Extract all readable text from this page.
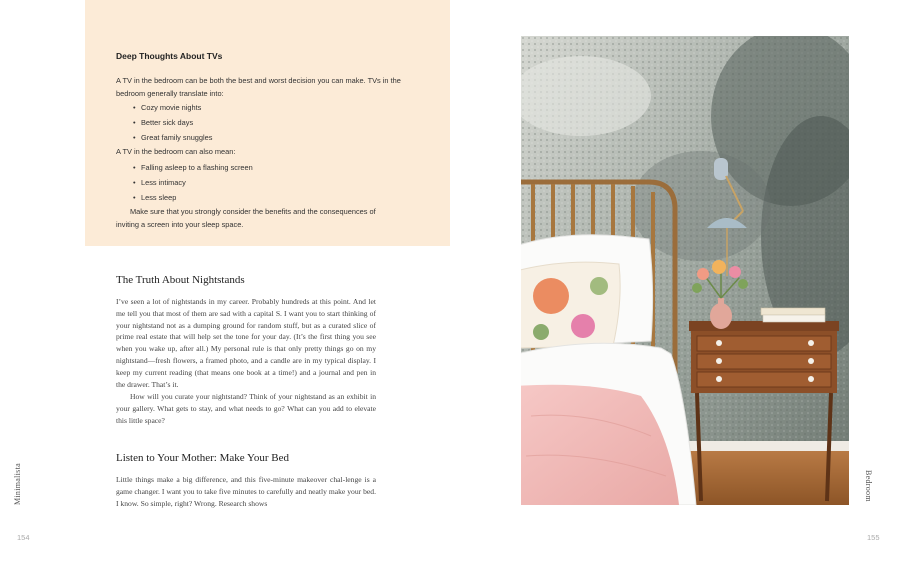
Deep Thoughts About TVs
A TV in the bedroom can be both the best and worst decision you can make. TVs in the bedroom generally translate into:
• Cozy movie nights
• Better sick days
• Great family snuggles
A TV in the bedroom can also mean:
• Falling asleep to a flashing screen
• Less intimacy
• Less sleep
Make sure that you strongly consider the benefits and the consequences of inviting a screen into your sleep space.
The Truth About Nightstands
I’ve seen a lot of nightstands in my career. Probably hundreds at this point. And let me tell you that most of them are sad with a capital S. I want you to start thinking of your nightstand not as a dumping ground for random stuff, but as a curated slice of prime real estate that will help set the tone for your day. (It’s the first thing you see when you wake up, after all.) My personal rule is that only pretty things go on my nightstand—fresh flowers, a framed photo, and a candle are in my typical display. I keep my current reading (that means one book at a time!) and a journal and pen in the drawer. That’s it.
How will you curate your nightstand? Think of your nightstand as an exhibit in your gallery. What gets to stay, and what needs to go? What can you add to elevate this little space?
Listen to Your Mother: Make Your Bed
Little things make a big difference, and this five-minute makeover chal-lenge is a game changer. I want you to take five minutes to carefully and neatly make your bed. I know. So simple, right? Wrong. Research shows
Minimalista
154
Bedroom
155
